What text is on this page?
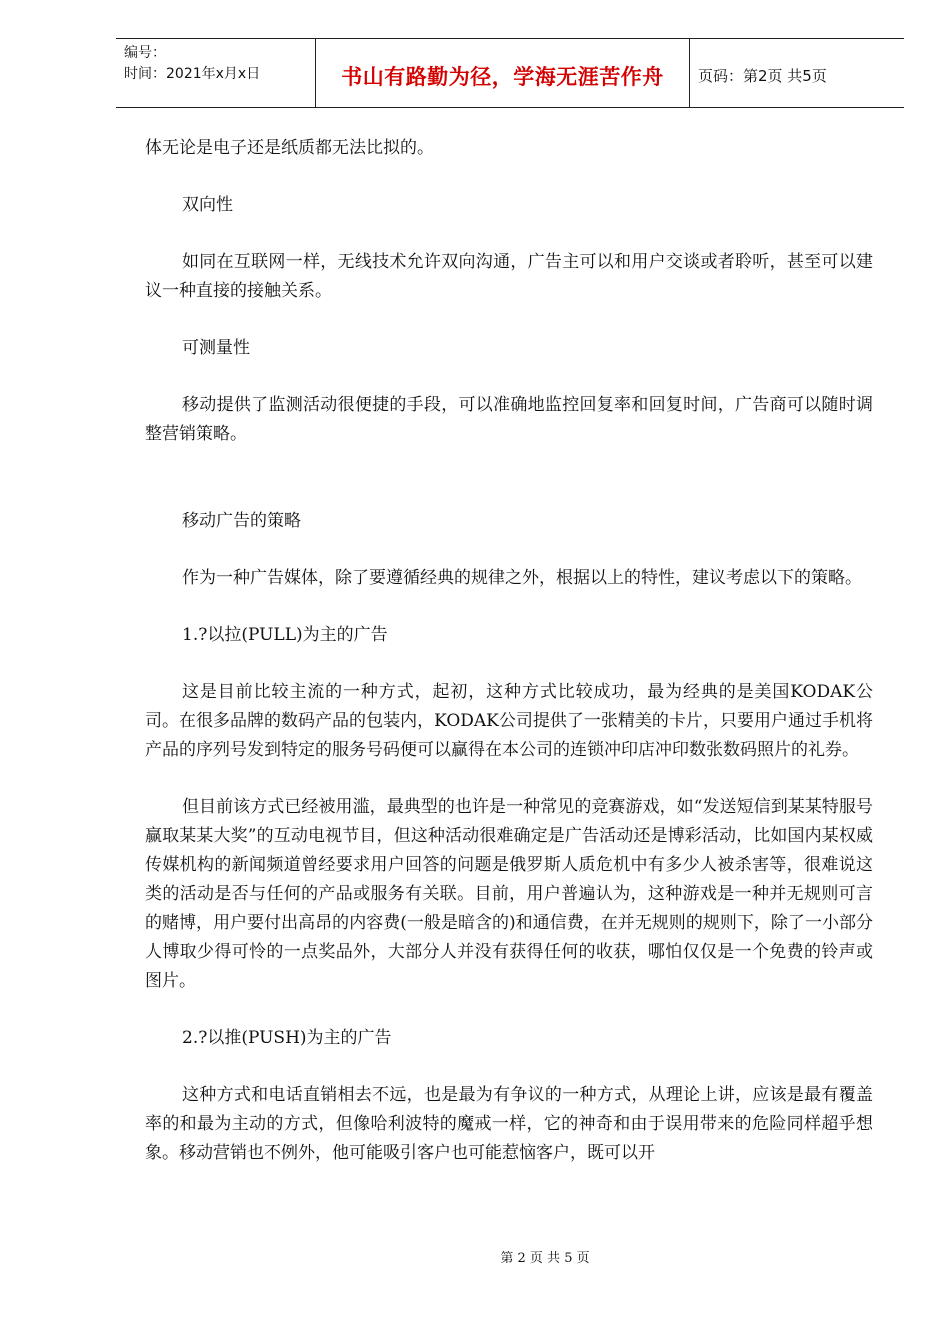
编号：
时间：2021年x月x日	书山有路勤为径，学海无涯苦作舟	页码：第2页 共5页

体无论是电子还是纸质都无法比拟的。

双向性

如同在互联网一样，无线技术允许双向沟通，广告主可以和用户交谈或者聆听，甚至可以建议一种直接的接触关系。

可测量性

移动提供了监测活动很便捷的手段，可以准确地监控回复率和回复时间，广告商可以随时调整营销策略。

移动广告的策略

作为一种广告媒体，除了要遵循经典的规律之外，根据以上的特性，建议考虑以下的策略。

1.?以拉(PULL)为主的广告

这是目前比较主流的一种方式，起初，这种方式比较成功，最为经典的是美国KODAK公司。在很多品牌的数码产品的包装内，KODAK公司提供了一张精美的卡片，只要用户通过手机将产品的序列号发到特定的服务号码便可以赢得在本公司的连锁冲印店冲印数张数码照片的礼券。

但目前该方式已经被用滥，最典型的也许是一种常见的竞赛游戏，如“发送短信到某某特服号赢取某某大奖”的互动电视节目，但这种活动很难确定是广告活动还是博彩活动，比如国内某权威传媒机构的新闻频道曾经要求用户回答的问题是俄罗斯人质危机中有多少人被杀害等，很难说这类的活动是否与任何的产品或服务有关联。目前，用户普遍认为，这种游戏是一种并无规则可言的赌博，用户要付出高昂的内容费(一般是暗含的)和通信费，在并无规则的规则下，除了一小部分人博取少得可怜的一点奖品外，大部分人并没有获得任何的收获，哪怕仅仅是一个免费的铃声或图片。

2.?以推(PUSH)为主的广告

这种方式和电话直销相去不远，也是最为有争议的一种方式，从理论上讲，应该是最有覆盖率的和最为主动的方式，但像哈利波特的魔戒一样，它的神奇和由于误用带来的危险同样超乎想象。移动营销也不例外，他可能吸引客户也可能惹恼客户，既可以开

第 2 页 共 5 页
